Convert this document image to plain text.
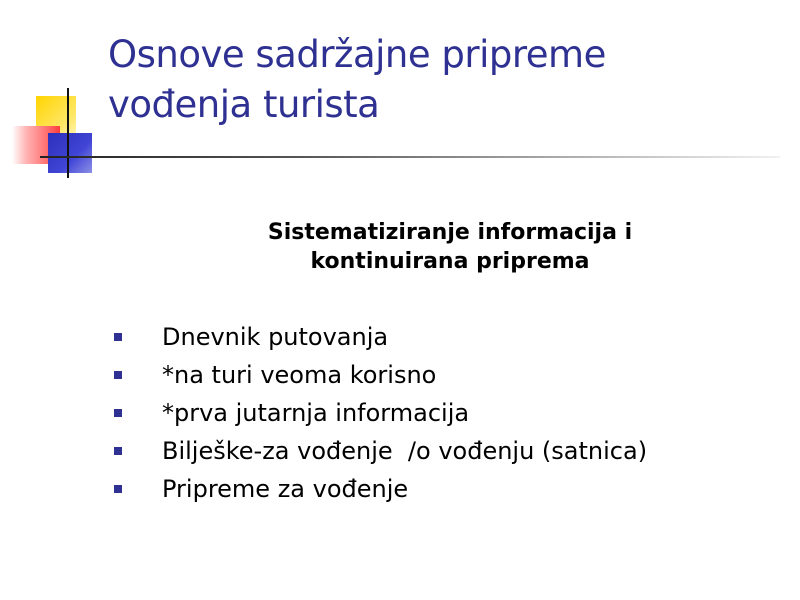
Osnove sadržajne pripreme
vođenja turista
Sistematiziranje informacija i
kontinuirana priprema
Dnevnik putovanja
*na turi veoma korisno
*prva jutarnja informacija
Bilješke-za vođenje  /o vođenju (satnica)
Pripreme za vođenje
